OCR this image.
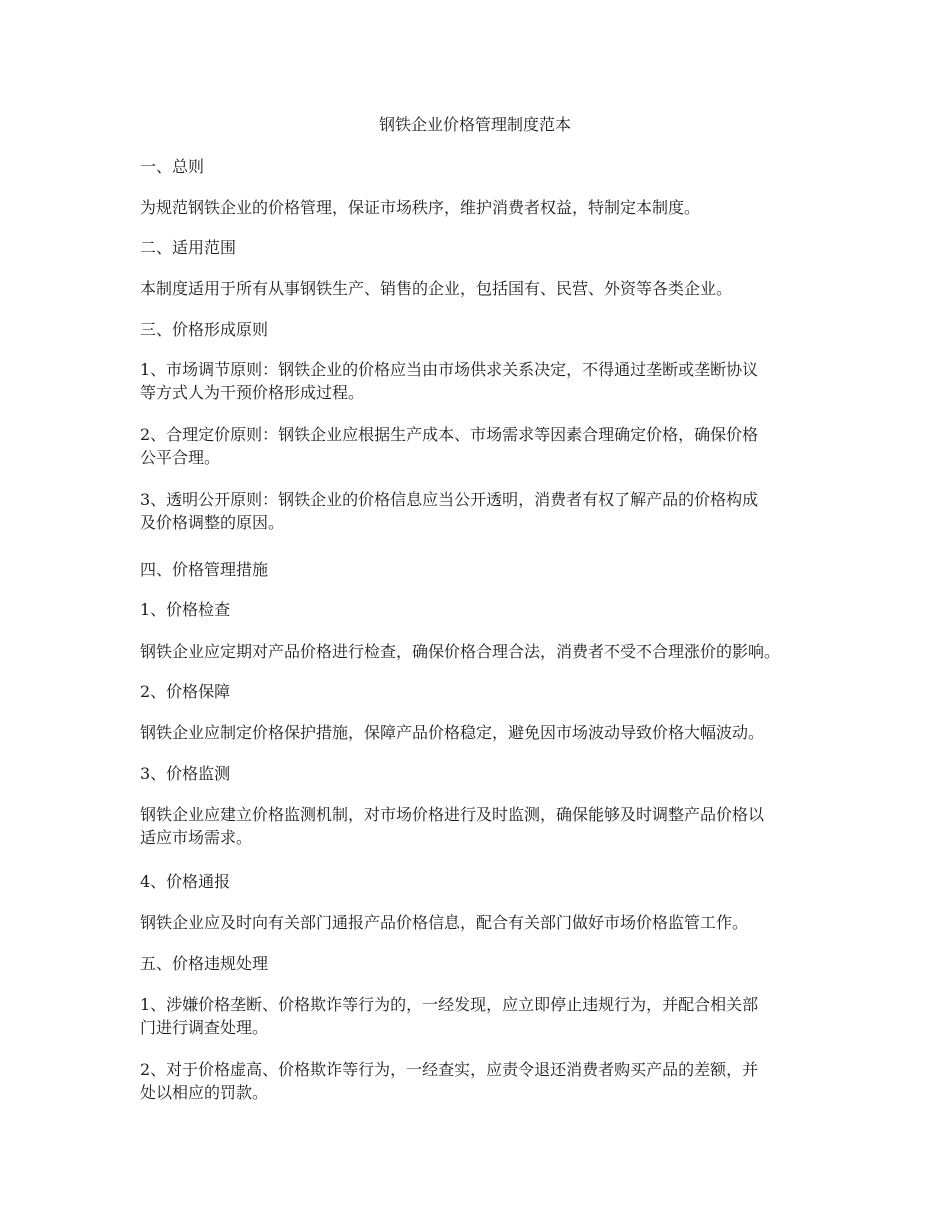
钢铁企业价格管理制度范本
一、总则
为规范钢铁企业的价格管理，保证市场秩序，维护消费者权益，特制定本制度。
二、适用范围
本制度适用于所有从事钢铁生产、销售的企业，包括国有、民营、外资等各类企业。
三、价格形成原则
1、市场调节原则：钢铁企业的价格应当由市场供求关系决定，不得通过垄断或垄断协议
等方式人为干预价格形成过程。
2、合理定价原则：钢铁企业应根据生产成本、市场需求等因素合理确定价格，确保价格
公平合理。
3、透明公开原则：钢铁企业的价格信息应当公开透明，消费者有权了解产品的价格构成
及价格调整的原因。
四、价格管理措施
1、价格检查
钢铁企业应定期对产品价格进行检查，确保价格合理合法，消费者不受不合理涨价的影响。
2、价格保障
钢铁企业应制定价格保护措施，保障产品价格稳定，避免因市场波动导致价格大幅波动。
3、价格监测
钢铁企业应建立价格监测机制，对市场价格进行及时监测，确保能够及时调整产品价格以
适应市场需求。
4、价格通报
钢铁企业应及时向有关部门通报产品价格信息，配合有关部门做好市场价格监管工作。
五、价格违规处理
1、涉嫌价格垄断、价格欺诈等行为的，一经发现，应立即停止违规行为，并配合相关部
门进行调查处理。
2、对于价格虚高、价格欺诈等行为，一经查实，应责令退还消费者购买产品的差额，并
处以相应的罚款。
